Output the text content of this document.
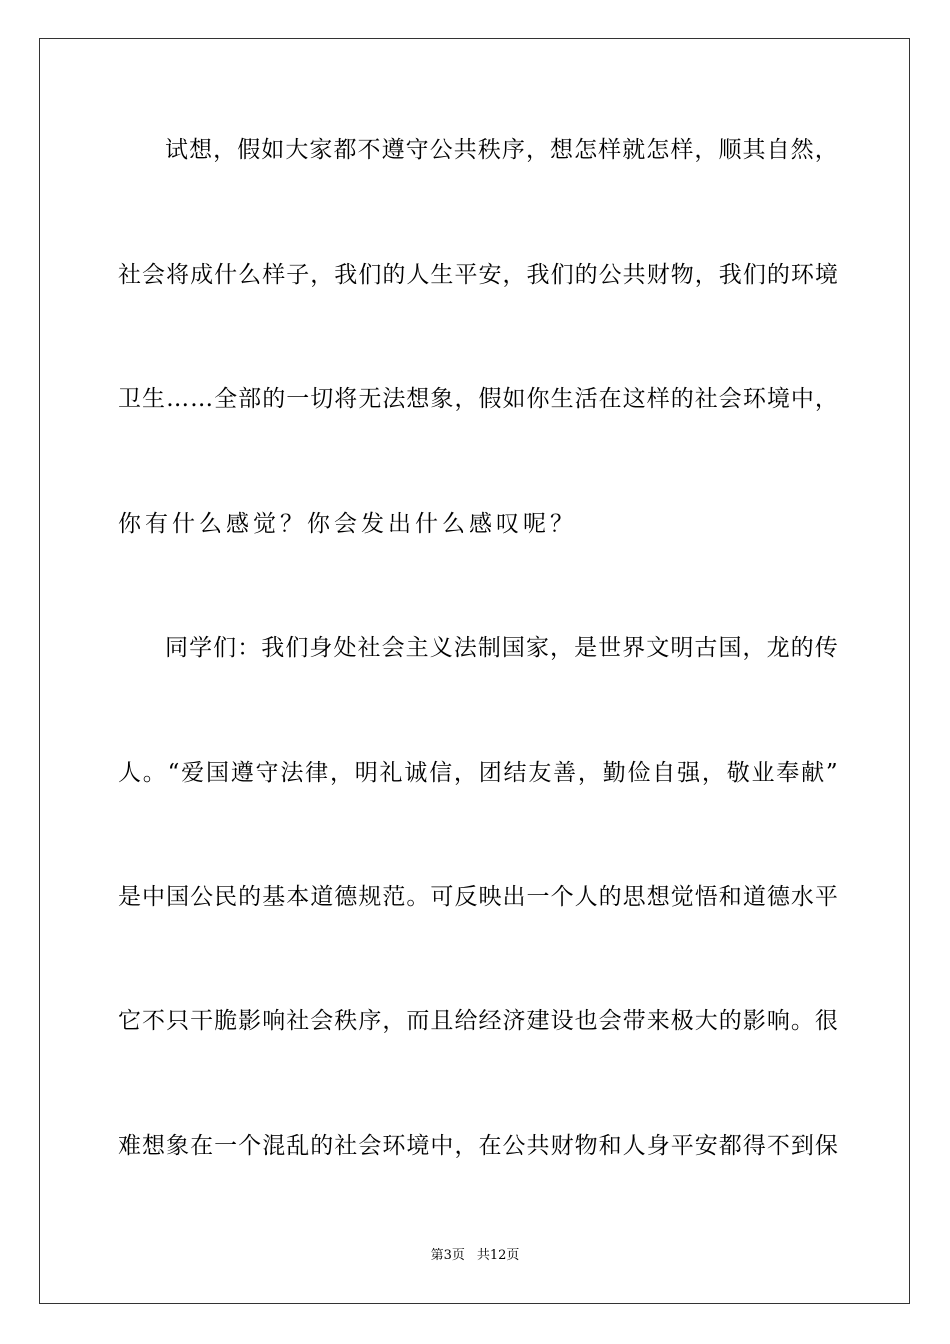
试 想 ， 假 如 大 家 都 不 遵 守 公 共 秩 序 ， 想 怎 样 就 怎 样 ， 顺 其 自 然 ，
社 会 将 成 什 么 样 子 ， 我 们 的 人 生 平 安 ， 我 们 的 公 共 财 物 ， 我 们 的 环 境
卫 生 … … 全 部 的 一 切 将 无 法 想 象 ， 假 如 你 生 活 在 这 样 的 社 会 环 境 中 ，
你有什么感觉？你会发出什么感叹呢？
同 学 们 ： 我 们 身 处 社 会 主 义 法 制 国 家 ， 是 世 界 文 明 古 国 ， 龙 的 传
人 。 “ 爱 国 遵 守 法 律 ， 明 礼 诚 信 ， 团 结 友 善 ， 勤 俭 自 强 ， 敬 业 奉 献 ”
是 中 国 公 民 的 基 本 道 德 规 范 。 可 反 映 出 一 个 人 的 思 想 觉 悟 和 道 德 水 平
它 不 只 干 脆 影 响 社 会 秩 序 ， 而 且 给 经 济 建 设 也 会 带 来 极 大 的 影 响 。 很
难 想 象 在 一 个 混 乱 的 社 会 环 境 中 ， 在 公 共 财 物 和 人 身 平 安 都 得 不 到 保
第3页 共12页
